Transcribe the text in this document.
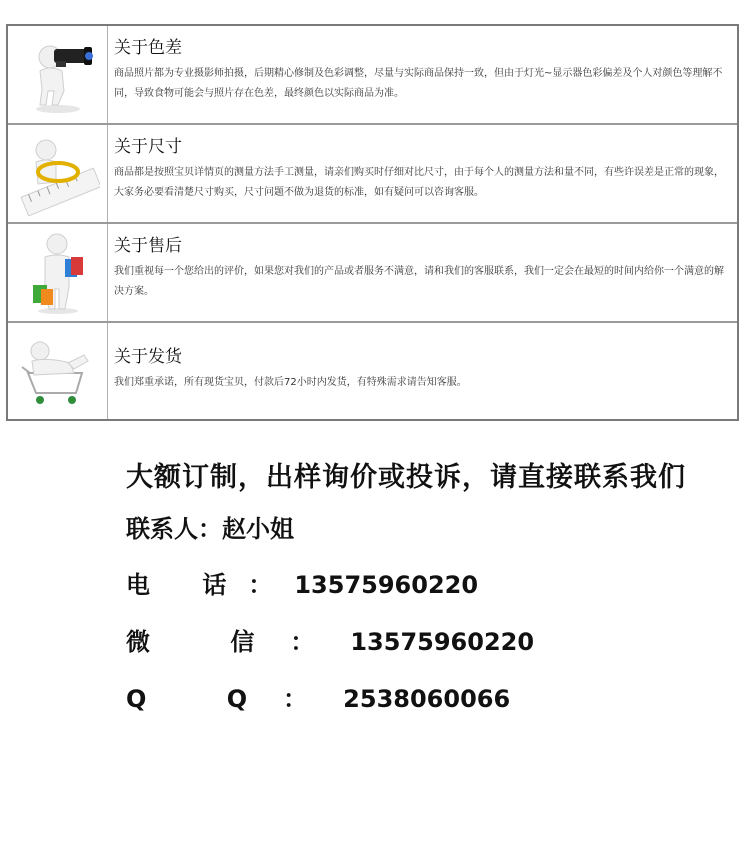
关于色差
商品照片都为专业摄影师拍摄，后期精心修制及色彩调整，尽量与实际商品保持一致，但由于灯光~显示器色彩偏差及个人对颜色等理解不同，导致食物可能会与照片存在色差，最终颜色以实际商品为准。
关于尺寸
商品都是按照宝贝详情页的测量方法手工测量，请亲们购买时仔细对比尺寸，由于每个人的测量方法和量不同，有些许误差是正常的现象，大家务必要看清楚尺寸购买，尺寸问题不做为退货的标准，如有疑问可以咨询客服。
关于售后
我们重视每一个您给出的评价，如果您对我们的产品或者服务不满意，请和我们的客服联系，我们一定会在最短的时间内给你一个满意的解决方案。
关于发货
我们郑重承诺，所有现货宝贝，付款后72小时内发货，有特殊需求请告知客服。
大额订制，出样询价或投诉，请直接联系我们
联系人：赵小姐
电 话：13575960220
微 信：13575960220
Q Q：2538060066
